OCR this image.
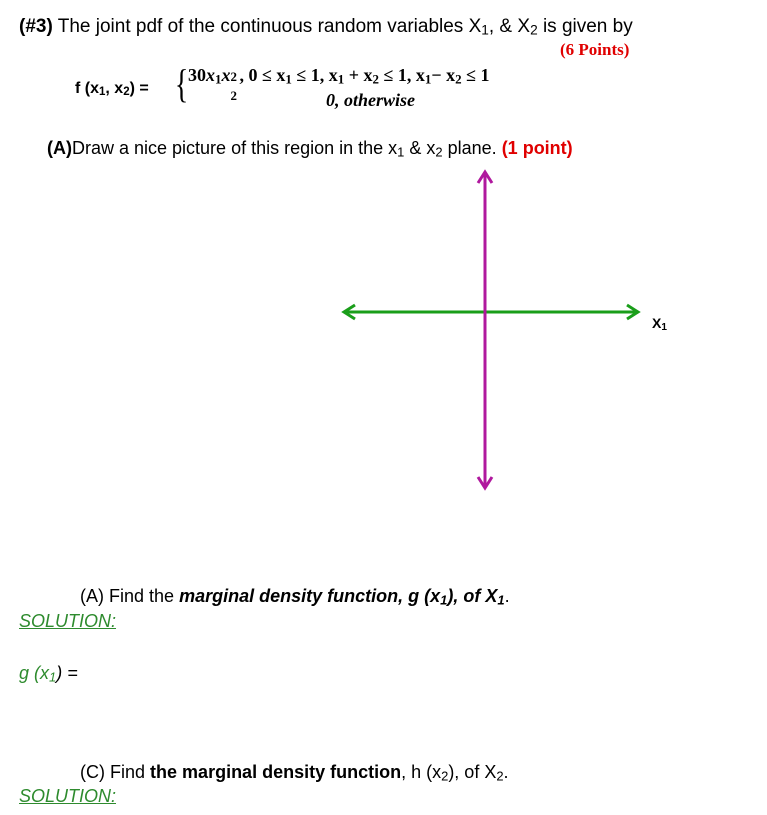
(#3) The joint pdf of the continuous random variables X1, & X2 is given by
(6 Points)
f (x1, x2) = { 30x1x 2
2
, 0 ≤ x1 ≤ 1, x1 + x2 ≤ 1, x1− x2 ≤ 1
0, otherwise
(A)Draw a nice picture of this region in the x1 & x2 plane. (1 point)
X1
(A) Find the marginal density function, g (x1), of X1.
SOLUTION:
g (x1) =
(C) Find the marginal density function, h (x2), of X2.
SOLUTION:
